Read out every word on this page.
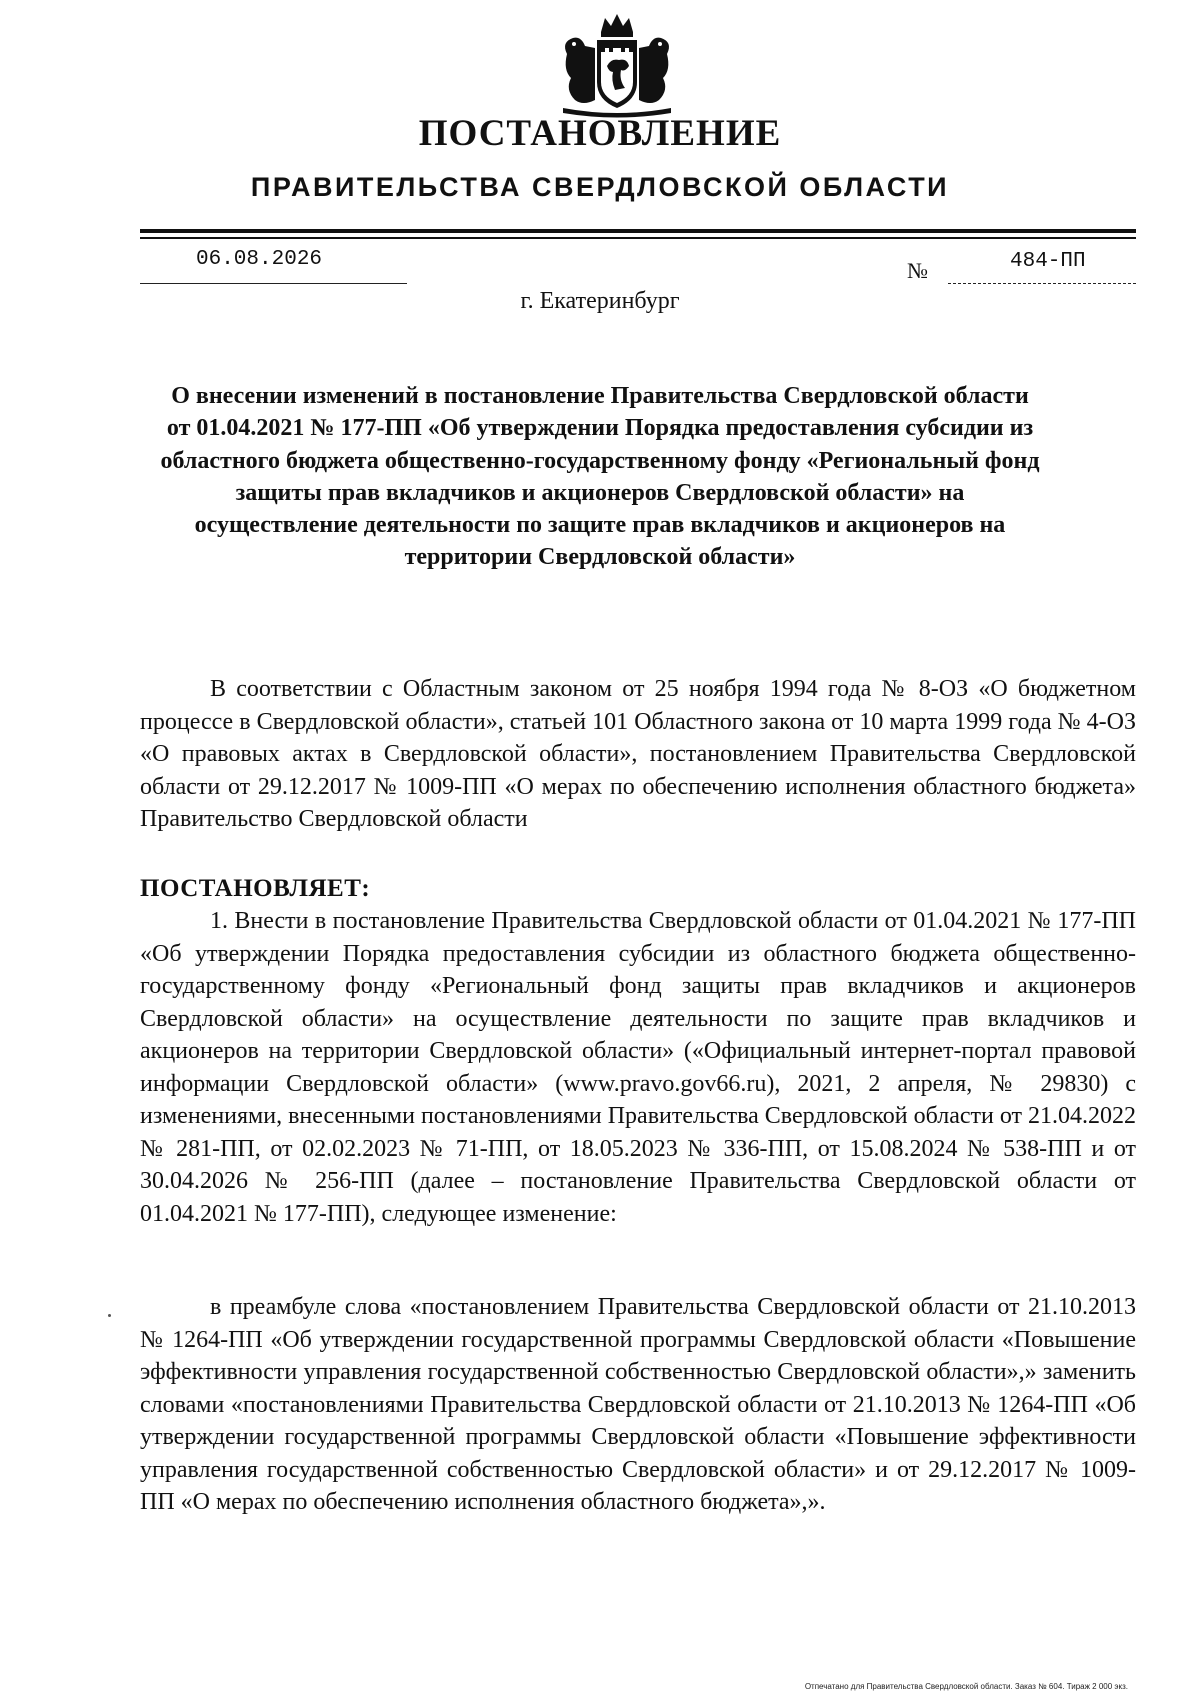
ПОСТАНОВЛЕНИЕ
ПРАВИТЕЛЬСТВА СВЕРДЛОВСКОЙ ОБЛАСТИ
06.08.2026	№	484-ПП
г. Екатеринбург
О внесении изменений в постановление Правительства Свердловской области от 01.04.2021 № 177-ПП «Об утверждении Порядка предоставления субсидии из областного бюджета общественно-государственному фонду «Региональный фонд защиты прав вкладчиков и акционеров Свердловской области» на осуществление деятельности по защите прав вкладчиков и акционеров на территории Свердловской области»

В соответствии с Областным законом от 25 ноября 1994 года № 8-ОЗ «О бюджетном процессе в Свердловской области», статьей 101 Областного закона от 10 марта 1999 года № 4-ОЗ «О правовых актах в Свердловской области», постановлением Правительства Свердловской области от 29.12.2017 № 1009-ПП «О мерах по обеспечению исполнения областного бюджета» Правительство Свердловской области

ПОСТАНОВЛЯЕТ:

1. Внести в постановление Правительства Свердловской области от 01.04.2021 № 177-ПП «Об утверждении Порядка предоставления субсидии из областного бюджета общественно-государственному фонду «Региональный фонд защиты прав вкладчиков и акционеров Свердловской области» на осуществление деятельности по защите прав вкладчиков и акционеров на территории Свердловской области» («Официальный интернет-портал правовой информации Свердловской области» (www.pravo.gov66.ru), 2021, 2 апреля, № 29830) с изменениями, внесенными постановлениями Правительства Свердловской области от 21.04.2022 № 281-ПП, от 02.02.2023 № 71-ПП, от 18.05.2023 № 336-ПП, от 15.08.2024 № 538-ПП и от 30.04.2026 № 256-ПП (далее – постановление Правительства Свердловской области от 01.04.2021 № 177-ПП), следующее изменение:

в преамбуле слова «постановлением Правительства Свердловской области от 21.10.2013 № 1264-ПП «Об утверждении государственной программы Свердловской области «Повышение эффективности управления государственной собственностью Свердловской области»,» заменить словами «постановлениями Правительства Свердловской области от 21.10.2013 № 1264-ПП «Об утверждении государственной программы Свердловской области «Повышение эффективности управления государственной собственностью Свердловской области» и от 29.12.2017 № 1009-ПП «О мерах по обеспечению исполнения областного бюджета»,».

Отпечатано для Правительства Свердловской области. Заказ № 604. Тираж 2 000 экз.
